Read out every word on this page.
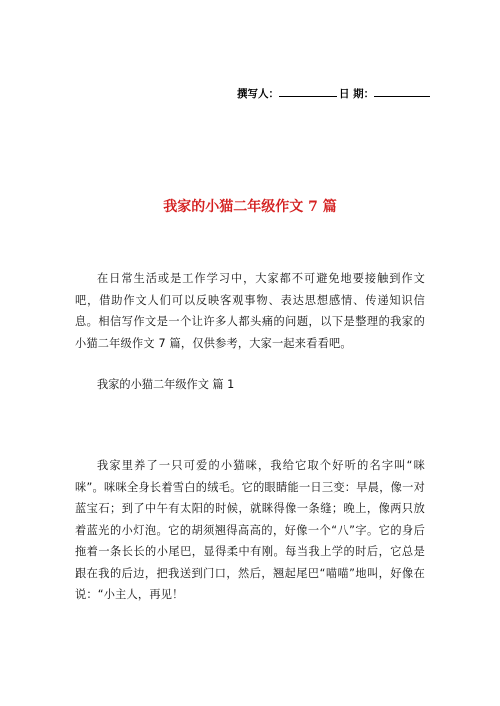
撰写人：	日 期：
我家的小猫二年级作文 7 篇
在日常生活或是工作学习中，大家都不可避免地要接触到作文吧，借助作文人们可以反映客观事物、表达思想感情、传递知识信息。相信写作文是一个让许多人都头痛的问题，以下是整理的我家的小猫二年级作文 7 篇，仅供参考，大家一起来看看吧。
我家的小猫二年级作文 篇 1
我家里养了一只可爱的小猫咪，我给它取个好听的名字叫“咪咪”。咪咪全身长着雪白的绒毛。它的眼睛能一日三变：早晨，像一对蓝宝石；到了中午有太阳的时候，就眯得像一条缝；晚上，像两只放着蓝光的小灯泡。它的胡须翘得高高的，好像一个“八”字。它的身后拖着一条长长的小尾巴，显得柔中有刚。每当我上学的时后，它总是跟在我的后边，把我送到门口，然后，翘起尾巴“喵喵”地叫，好像在说：“小主人，再见！
